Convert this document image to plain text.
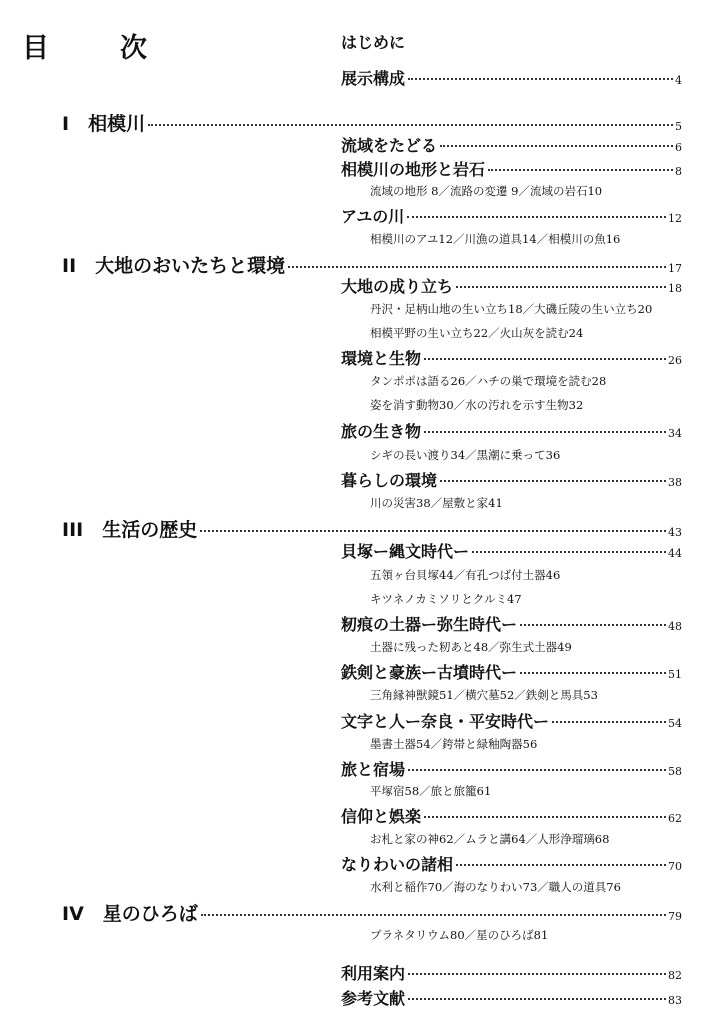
目　次	はじめに
展示構成	4
I　相模川	5
流域をたどる	6
相模川の地形と岩石	8
流域の地形 8／流路の変遷 9／流域の岩石10
アユの川	12
相模川のアユ12／川漁の道具14／相模川の魚16
II　大地のおいたちと環境	17
大地の成り立ち	18
丹沢・足柄山地の生い立ち18／大磯丘陵の生い立ち20
相模平野の生い立ち22／火山灰を読む24
環境と生物	26
タンポポは語る26／ハチの巣で環境を読む28
姿を消す動物30／水の汚れを示す生物32
旅の生き物	34
シギの長い渡り34／黒潮に乗って36
暮らしの環境	38
川の災害38／屋敷と家41
III　生活の歴史	43
貝塚ー縄文時代ー	44
五領ヶ台貝塚44／有孔つば付土器46
キツネノカミソリとクルミ47
籾痕の土器ー弥生時代ー	48
土器に残った籾あと48／弥生式土器49
鉄剣と豪族ー古墳時代ー	51
三角縁神獣鏡51／横穴墓52／鉄剣と馬具53
文字と人ー奈良・平安時代ー	54
墨書土器54／銙帯と緑釉陶器56
旅と宿場	58
平塚宿58／旅と旅籠61
信仰と娯楽	62
お札と家の神62／ムラと講64／人形浄瑠璃68
なりわいの諸相	70
水利と稲作70／海のなりわい73／職人の道具76
IV　星のひろば	79
プラネタリウム80／星のひろば81
利用案内	82
参考文献	83
